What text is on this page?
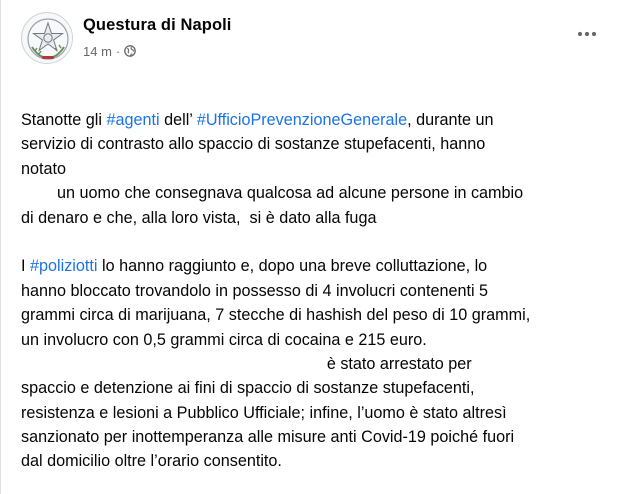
Questura di Napoli
14 m ·
Stanotte gli #agenti dell’ #UfficioPrevenzioneGenerale, durante un
servizio di contrasto allo spaccio di sostanze stupefacenti, hanno
notato
un uomo che consegnava qualcosa ad alcune persone in cambio
di denaro e che, alla loro vista,  si è dato alla fuga
I #poliziotti lo hanno raggiunto e, dopo una breve colluttazione, lo
hanno bloccato trovandolo in possesso di 4 involucri contenenti 5
grammi circa di marijuana, 7 stecche di hashish del peso di 10 grammi,
un involucro con 0,5 grammi circa di cocaina e 215 euro.
è stato arrestato per
spaccio e detenzione ai fini di spaccio di sostanze stupefacenti,
resistenza e lesioni a Pubblico Ufficiale; infine, l’uomo è stato altresì
sanzionato per inottemperanza alle misure anti Covid-19 poiché fuori
dal domicilio oltre l’orario consentito.
